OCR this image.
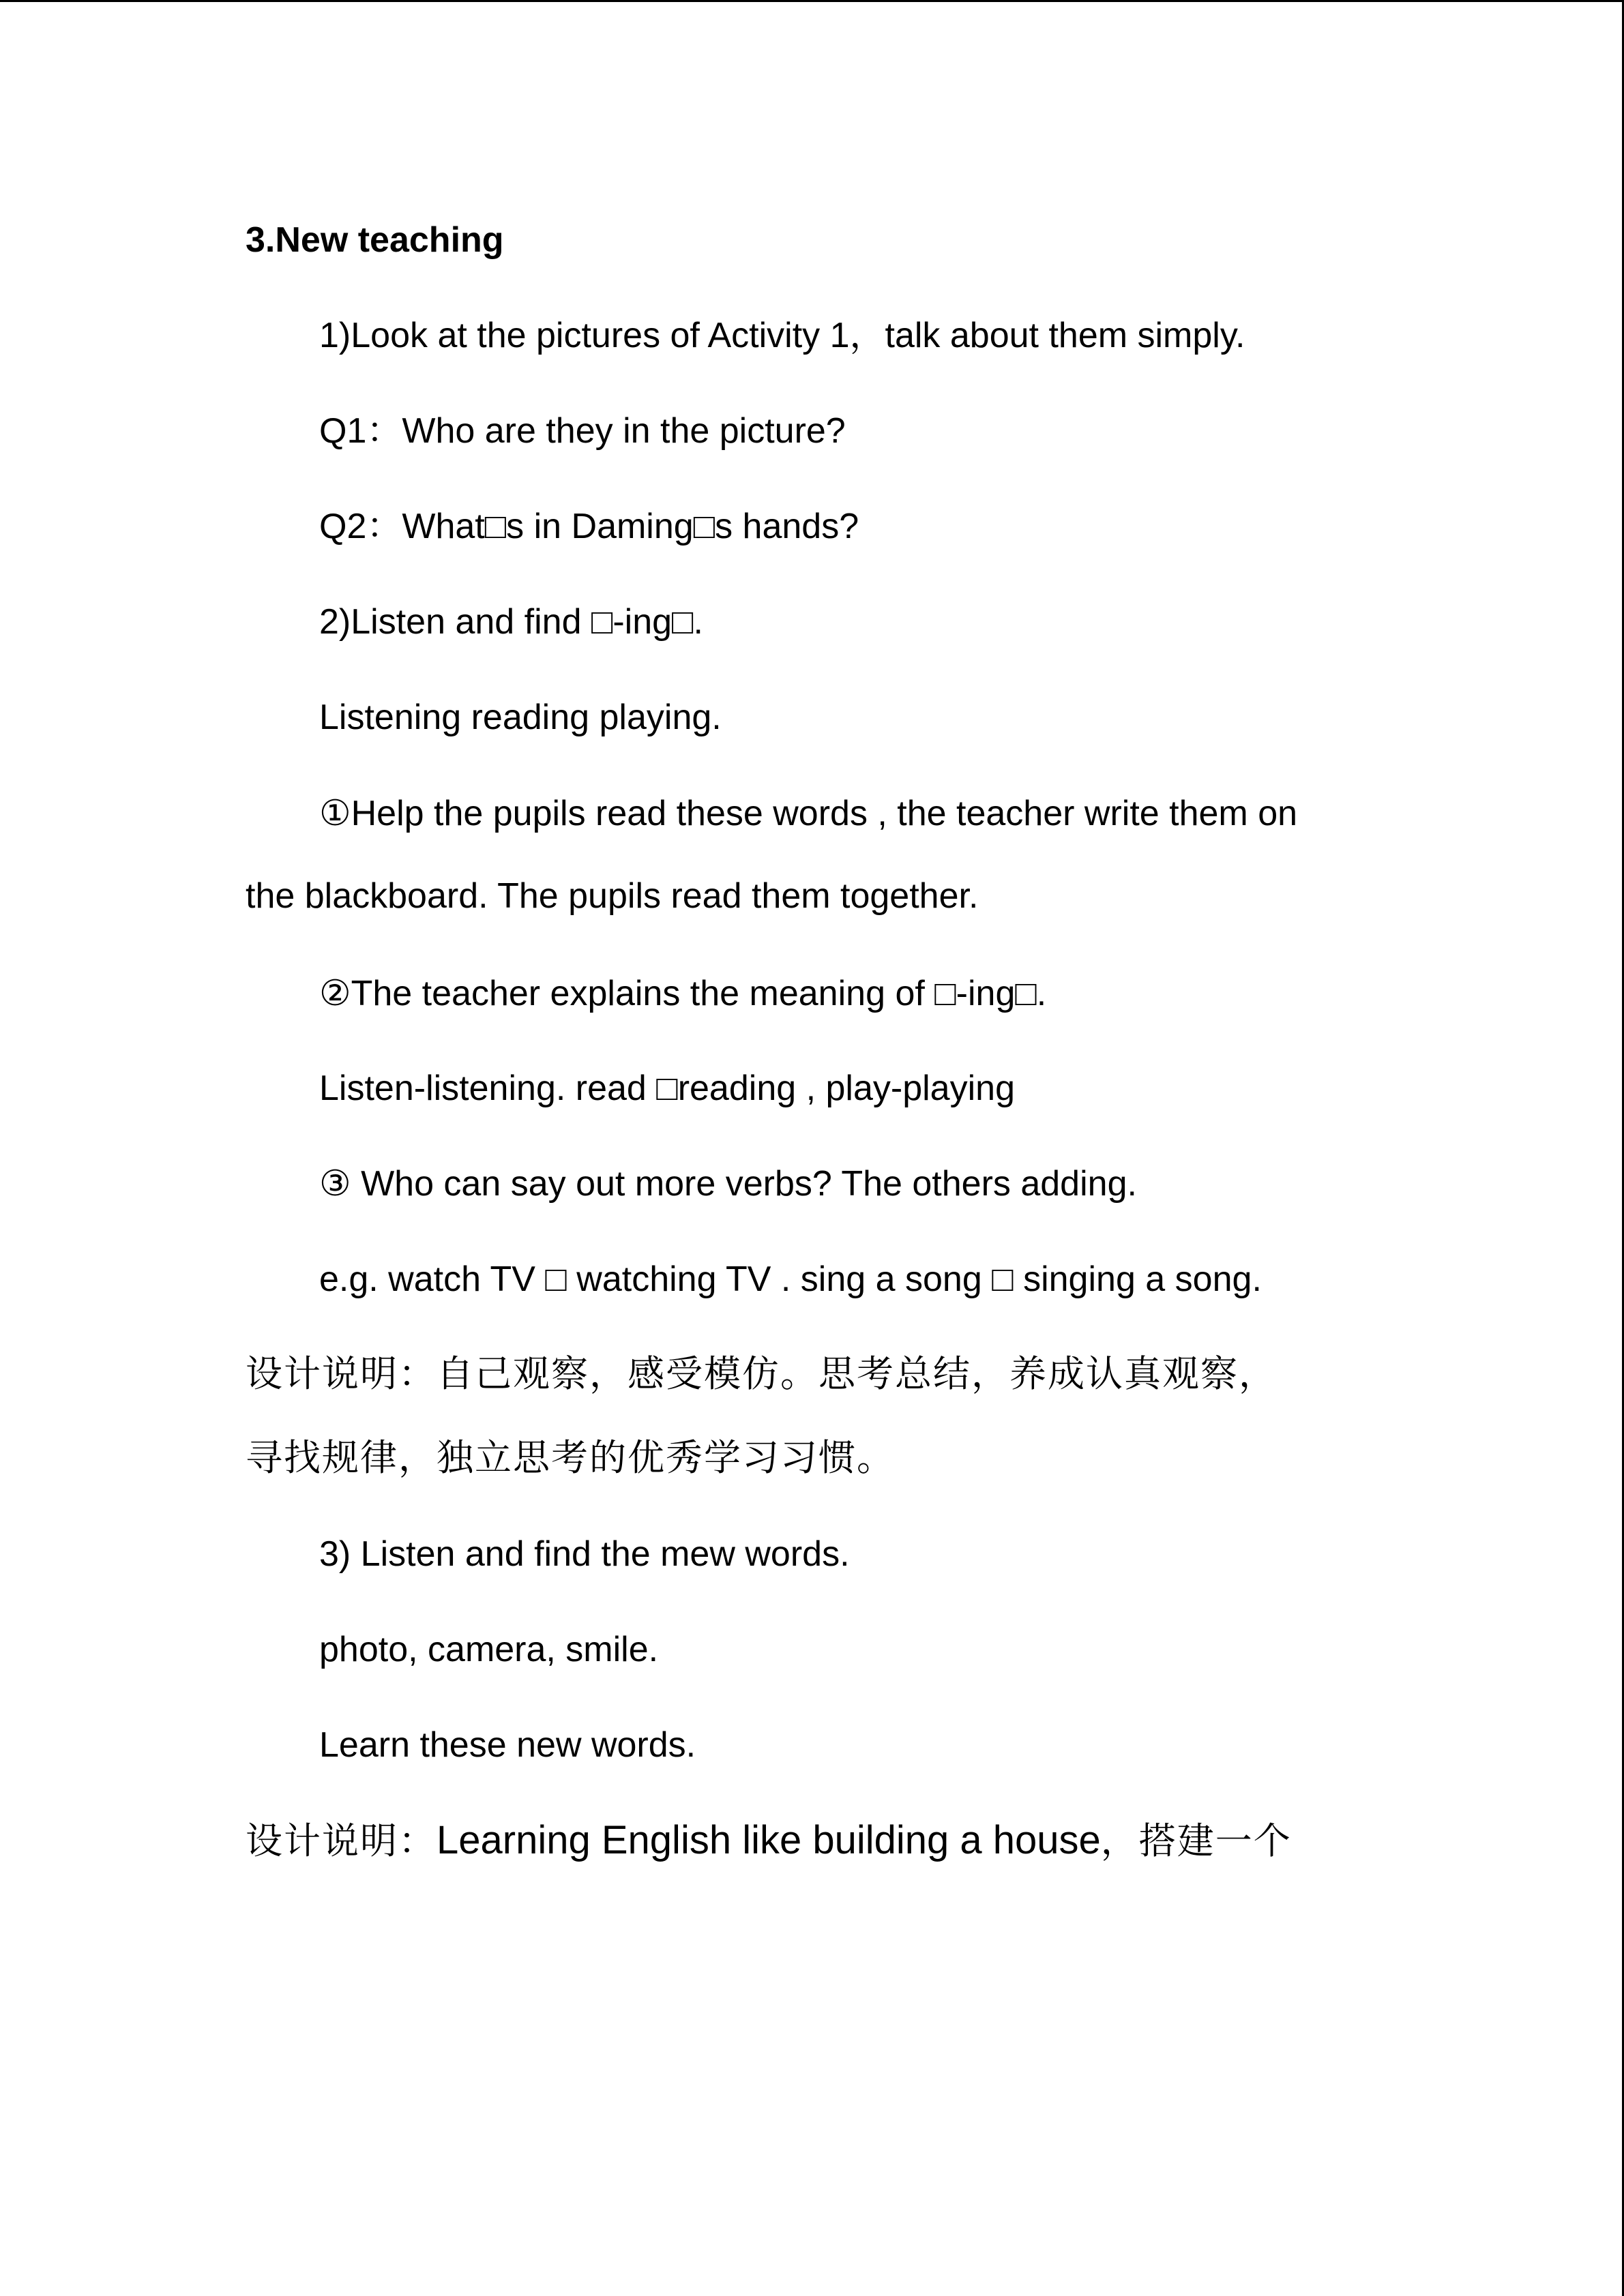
3.New teaching
1)Look at the pictures of Activity 1，talk about them simply.
Q1：Who are they in the picture?
Q2：What□s in Daming□s hands?
2)Listen and find □-ing□.
Listening reading playing.
①Help the pupils read these words , the teacher write them on
the blackboard. The pupils read them together.
②The teacher explains the meaning of □-ing□.
Listen-listening. read □reading , play-playing
③ Who can say out more verbs? The others adding.
e.g. watch TV □ watching TV . sing a song □ singing a song.
设计说明：自己观察，感受模仿。思考总结，养成认真观察，
寻找规律，独立思考的优秀学习习惯。
3) Listen and find the mew words.
photo, camera, smile.
Learn these new words.
设计说明：Learning English like building a house，搭建一个
